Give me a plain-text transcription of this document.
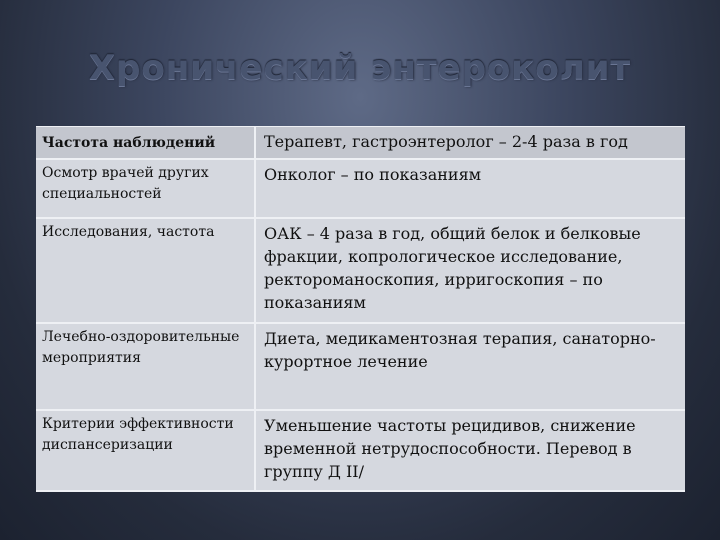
Хронический энтероколит
Частота наблюдений	Терапевт, гастроэнтеролог – 2-4 раза в год
Осмотр врачей других специальностей	Онколог – по показаниям
Исследования, частота	ОАК – 4 раза в год, общий белок и белковые фракции, копрологическое исследование, ректороманоскопия, ирригоскопия – по показаниям
Лечебно-оздоровительные мероприятия	Диета, медикаментозная терапия, санаторно-курортное лечение
Критерии эффективности диспансеризации	Уменьшение частоты рецидивов, снижение временной нетрудоспособности. Перевод в группу Д II/
